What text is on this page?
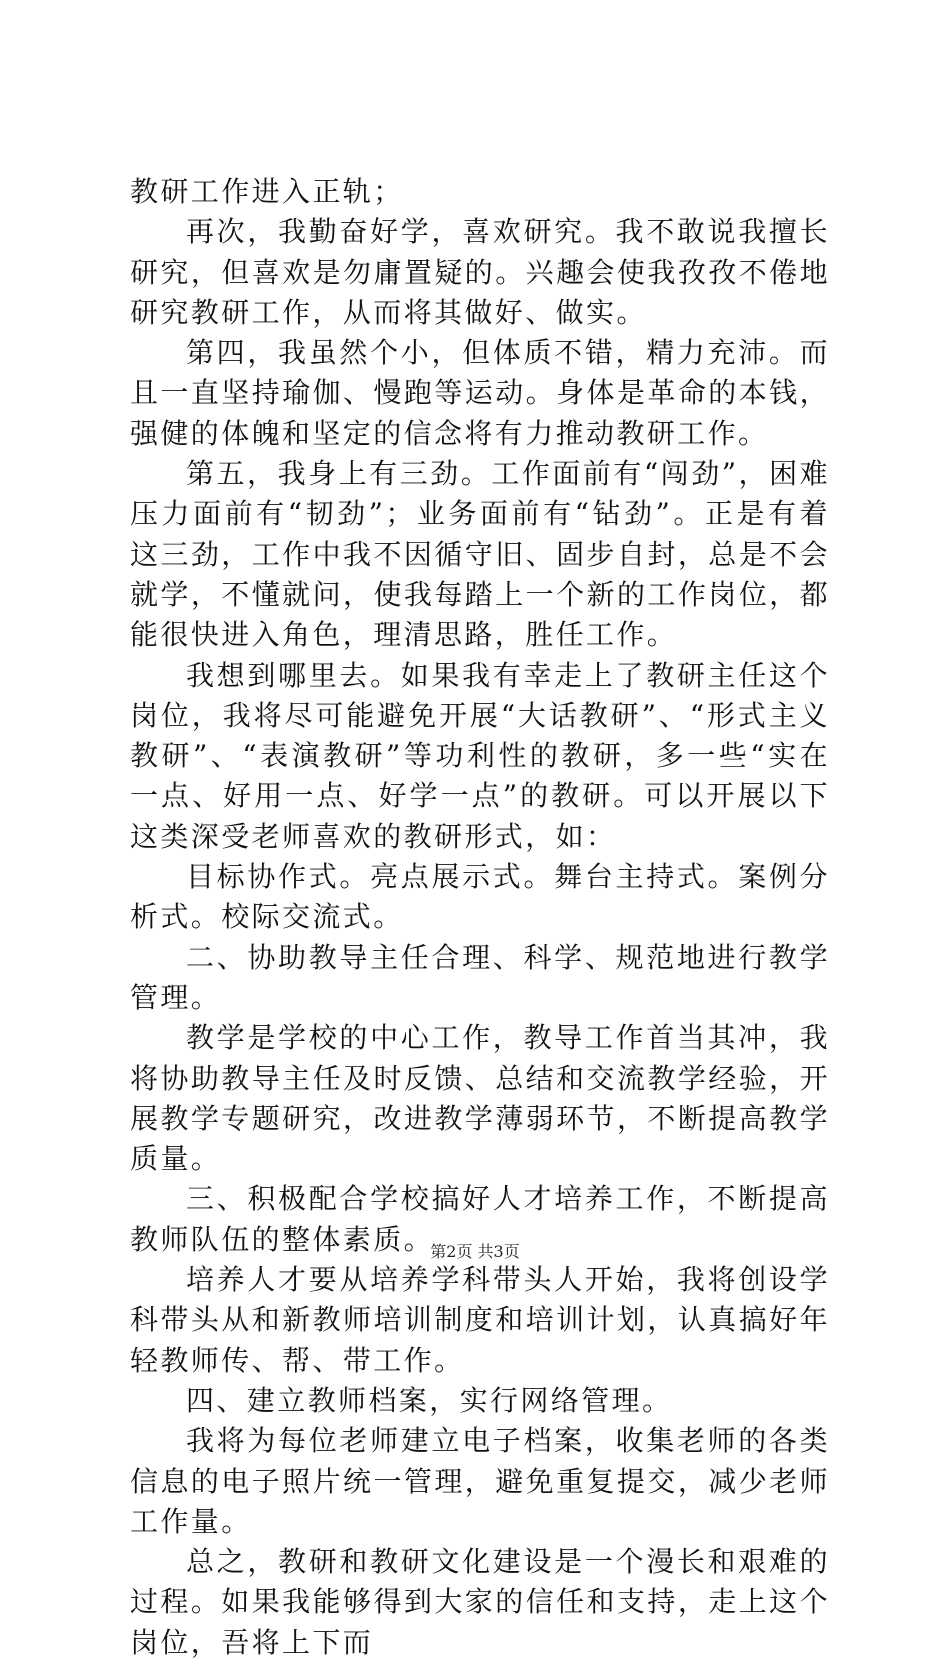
教研工作进入正轨；

再次，我勤奋好学，喜欢研究。我不敢说我擅长研究，但喜欢是勿庸置疑的。兴趣会使我孜孜不倦地研究教研工作，从而将其做好、做实。

第四，我虽然个小，但体质不错，精力充沛。而且一直坚持瑜伽、慢跑等运动。身体是革命的本钱，强健的体魄和坚定的信念将有力推动教研工作。

第五，我身上有三劲。工作面前有“闯劲”，困难压力面前有“韧劲”；业务面前有“钻劲”。正是有着这三劲，工作中我不因循守旧、固步自封，总是不会就学，不懂就问，使我每踏上一个新的工作岗位，都能很快进入角色，理清思路，胜任工作。

我想到哪里去。如果我有幸走上了教研主任这个岗位，我将尽可能避免开展“大话教研”、“形式主义教研”、“表演教研”等功利性的教研，多一些“实在一点、好用一点、好学一点”的教研。可以开展以下这类深受老师喜欢的教研形式，如：

目标协作式。亮点展示式。舞台主持式。案例分析式。校际交流式。

二、协助教导主任合理、科学、规范地进行教学管理。

教学是学校的中心工作，教导工作首当其冲，我将协助教导主任及时反馈、总结和交流教学经验，开展教学专题研究，改进教学薄弱环节，不断提高教学质量。

三、积极配合学校搞好人才培养工作，不断提高教师队伍的整体素质。

培养人才要从培养学科带头人开始，我将创设学科带头从和新教师培训制度和培训计划，认真搞好年轻教师传、帮、带工作。

四、建立教师档案，实行网络管理。

我将为每位老师建立电子档案，收集老师的各类信息的电子照片统一管理，避免重复提交，减少老师工作量。

总之，教研和教研文化建设是一个漫长和艰难的过程。如果我能够得到大家的信任和支持，走上这个岗位，吾将上下而

第2页 共3页
